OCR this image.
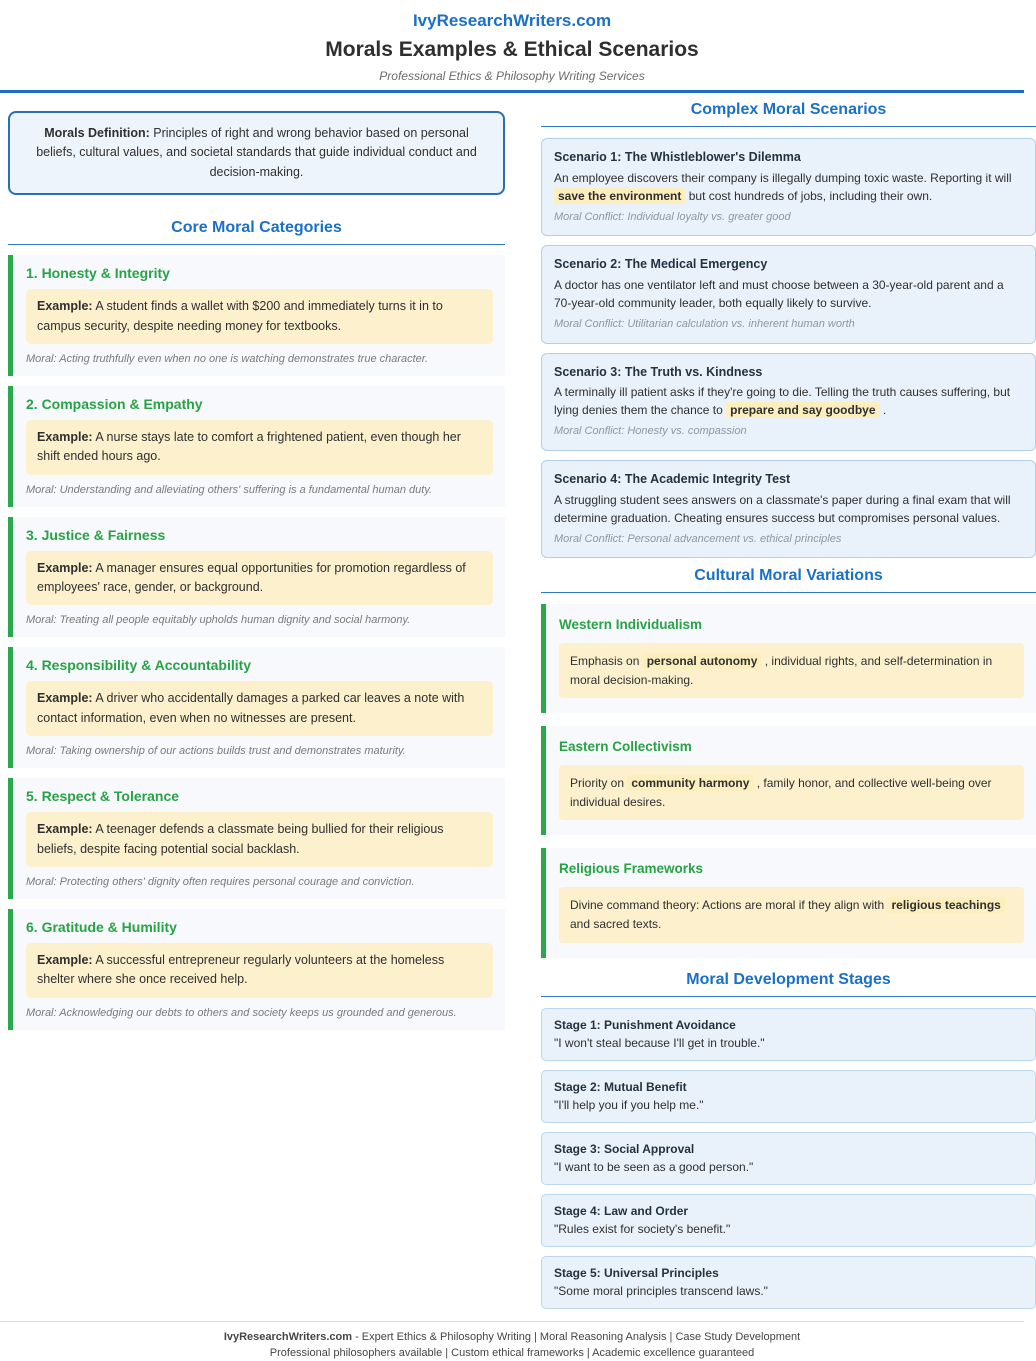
IvyResearchWriters.com
Morals Examples & Ethical Scenarios
Professional Ethics & Philosophy Writing Services
Morals Definition: Principles of right and wrong behavior based on personal beliefs, cultural values, and societal standards that guide individual conduct and decision-making.
Core Moral Categories
1. Honesty & Integrity
Example: A student finds a wallet with $200 and immediately turns it in to campus security, despite needing money for textbooks.
Moral: Acting truthfully even when no one is watching demonstrates true character.
2. Compassion & Empathy
Example: A nurse stays late to comfort a frightened patient, even though her shift ended hours ago.
Moral: Understanding and alleviating others' suffering is a fundamental human duty.
3. Justice & Fairness
Example: A manager ensures equal opportunities for promotion regardless of employees' race, gender, or background.
Moral: Treating all people equitably upholds human dignity and social harmony.
4. Responsibility & Accountability
Example: A driver who accidentally damages a parked car leaves a note with contact information, even when no witnesses are present.
Moral: Taking ownership of our actions builds trust and demonstrates maturity.
5. Respect & Tolerance
Example: A teenager defends a classmate being bullied for their religious beliefs, despite facing potential social backlash.
Moral: Protecting others' dignity often requires personal courage and conviction.
6. Gratitude & Humility
Example: A successful entrepreneur regularly volunteers at the homeless shelter where she once received help.
Moral: Acknowledging our debts to others and society keeps us grounded and generous.
Complex Moral Scenarios
Scenario 1: The Whistleblower's Dilemma
An employee discovers their company is illegally dumping toxic waste. Reporting it will save the environment but cost hundreds of jobs, including their own.
Moral Conflict: Individual loyalty vs. greater good
Scenario 2: The Medical Emergency
A doctor has one ventilator left and must choose between a 30-year-old parent and a 70-year-old community leader, both equally likely to survive.
Moral Conflict: Utilitarian calculation vs. inherent human worth
Scenario 3: The Truth vs. Kindness
A terminally ill patient asks if they're going to die. Telling the truth causes suffering, but lying denies them the chance to prepare and say goodbye .
Moral Conflict: Honesty vs. compassion
Scenario 4: The Academic Integrity Test
A struggling student sees answers on a classmate's paper during a final exam that will determine graduation. Cheating ensures success but compromises personal values.
Moral Conflict: Personal advancement vs. ethical principles
Cultural Moral Variations
Western Individualism
Emphasis on personal autonomy , individual rights, and self-determination in moral decision-making.
Eastern Collectivism
Priority on community harmony , family honor, and collective well-being over individual desires.
Religious Frameworks
Divine command theory: Actions are moral if they align with religious teachings and sacred texts.
Moral Development Stages
Stage 1: Punishment Avoidance
"I won't steal because I'll get in trouble."
Stage 2: Mutual Benefit
"I'll help you if you help me."
Stage 3: Social Approval
"I want to be seen as a good person."
Stage 4: Law and Order
"Rules exist for society's benefit."
Stage 5: Universal Principles
"Some moral principles transcend laws."
IvyResearchWriters.com - Expert Ethics & Philosophy Writing | Moral Reasoning Analysis | Case Study Development
Professional philosophers available | Custom ethical frameworks | Academic excellence guaranteed
